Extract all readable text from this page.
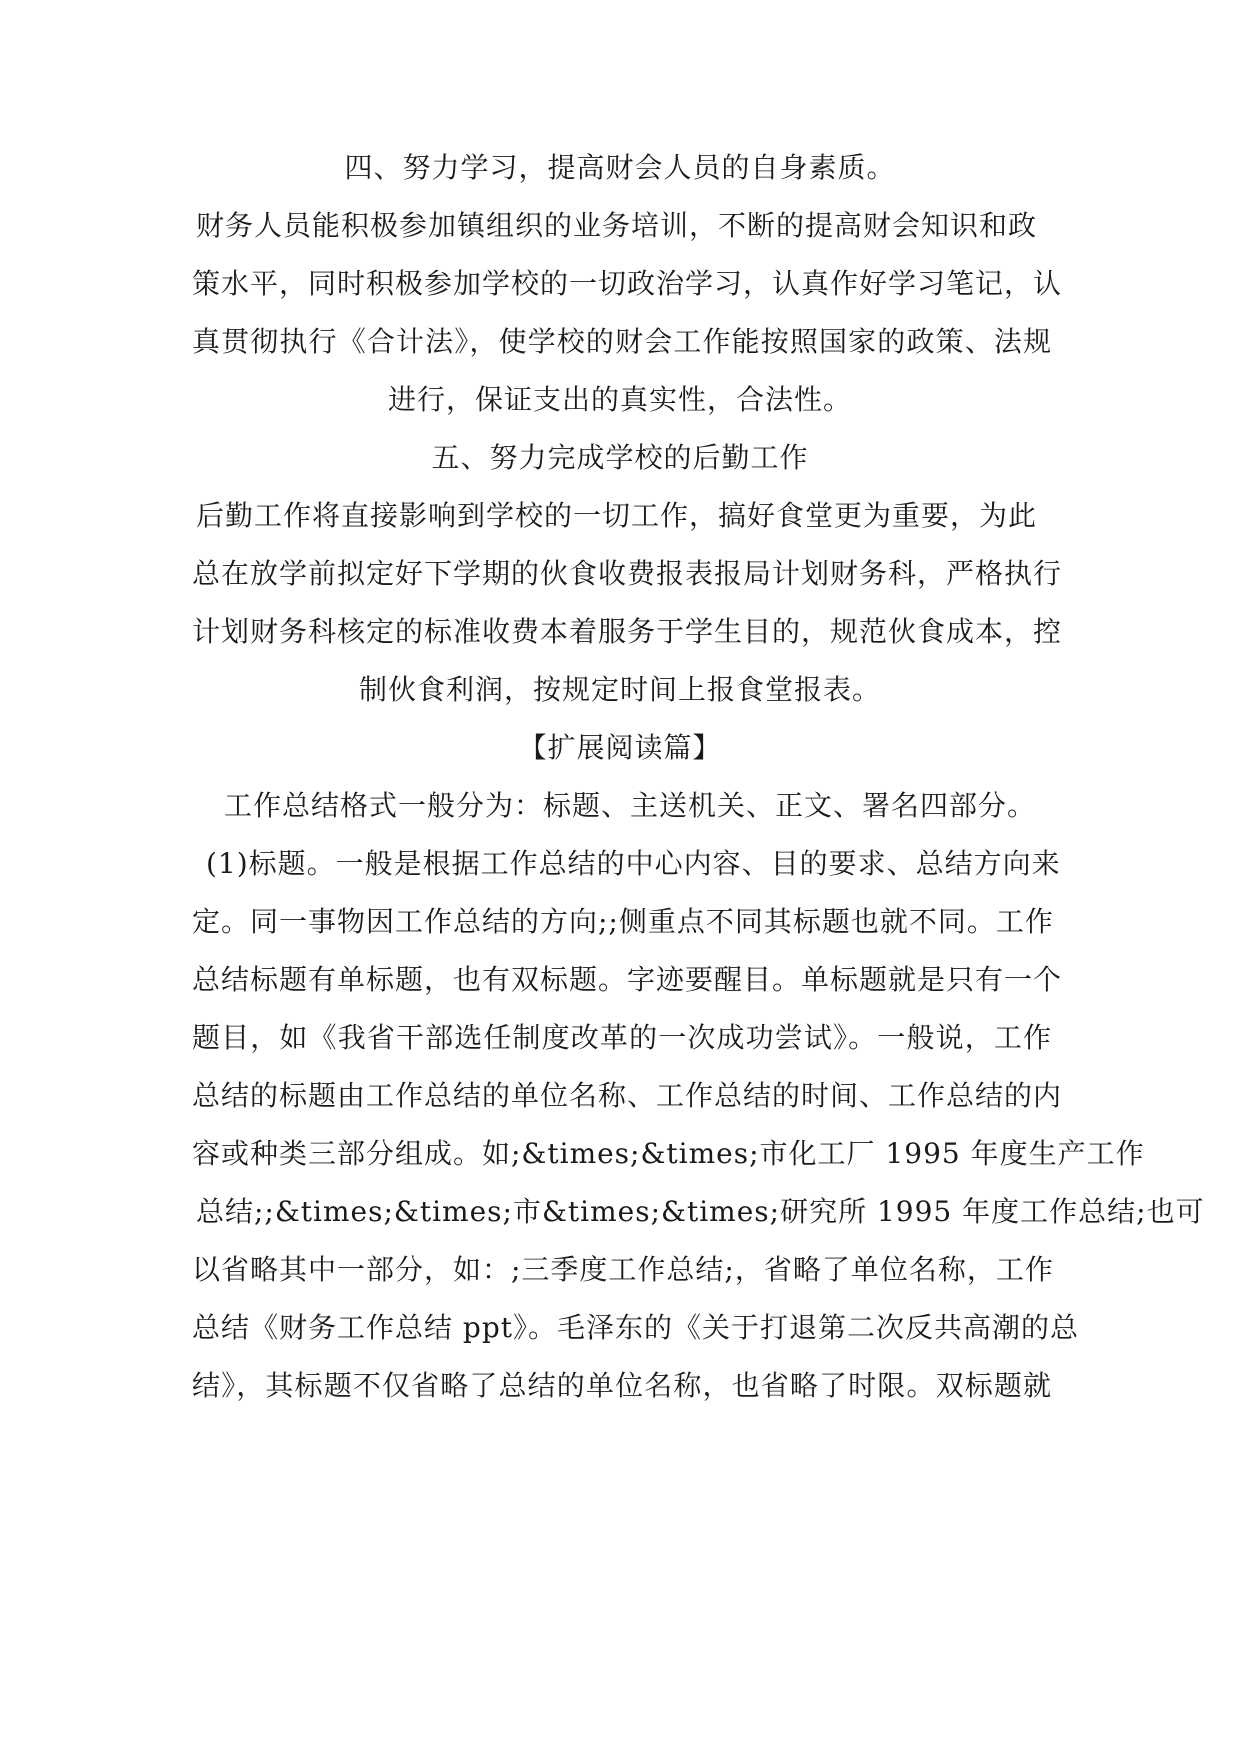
四、努力学习，提高财会人员的自身素质。
财务人员能积极参加镇组织的业务培训，不断的提高财会知识和政
策水平，同时积极参加学校的一切政治学习，认真作好学习笔记，认
真贯彻执行《合计法》，使学校的财会工作能按照国家的政策、法规
进行，保证支出的真实性，合法性。
五、努力完成学校的后勤工作
后勤工作将直接影响到学校的一切工作，搞好食堂更为重要，为此
总在放学前拟定好下学期的伙食收费报表报局计划财务科，严格执行
计划财务科核定的标准收费本着服务于学生目的，规范伙食成本，控
制伙食利润，按规定时间上报食堂报表。
【扩展阅读篇】
工作总结格式一般分为：标题、主送机关、正文、署名四部分。
(1)标题。一般是根据工作总结的中心内容、目的要求、总结方向来
定。同一事物因工作总结的方向;;侧重点不同其标题也就不同。工作
总结标题有单标题，也有双标题。字迹要醒目。单标题就是只有一个
题目，如《我省干部选任制度改革的一次成功尝试》。一般说，工作
总结的标题由工作总结的单位名称、工作总结的时间、工作总结的内
容或种类三部分组成。如;&times;&times;市化工厂 1995 年度生产工作
总结;;&times;&times;市&times;&times;研究所 1995 年度工作总结;也可
以省略其中一部分，如：;三季度工作总结;，省略了单位名称，工作
总结《财务工作总结 ppt》。毛泽东的《关于打退第二次反共高潮的总
结》，其标题不仅省略了总结的单位名称，也省略了时限。双标题就
